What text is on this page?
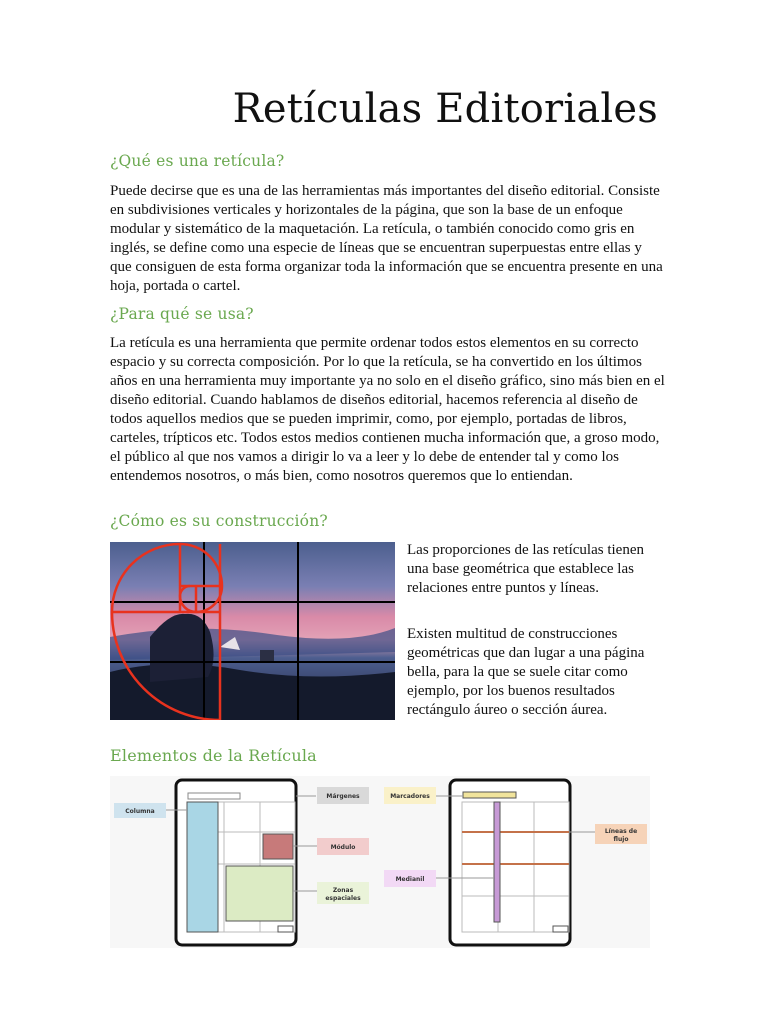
Retículas Editoriales
¿Qué es una retícula?

Puede decirse que es una de las herramientas más importantes del diseño editorial. Consiste en subdivisiones verticales y horizontales de la página, que son la base de un enfoque modular y sistemático de la maquetación. La retícula, o también conocido como gris en inglés, se define como una especie de líneas que se encuentran superpuestas entre ellas y que consiguen de esta forma organizar toda la información que se encuentra presente en una hoja, portada o cartel.

¿Para qué se usa?

La retícula es una herramienta que permite ordenar todos estos elementos en su correcto espacio y su correcta composición. Por lo que la retícula, se ha convertido en los últimos años en una herramienta muy importante ya no solo en el diseño gráfico, sino más bien en el diseño editorial. Cuando hablamos de diseños editorial, hacemos referencia al diseño de todos aquellos medios que se pueden imprimir, como, por ejemplo, portadas de libros, carteles, trípticos etc. Todos estos medios contienen mucha información que, a groso modo, el público al que nos vamos a dirigir lo va a leer y lo debe de entender tal y como los entendemos nosotros, o más bien, como nosotros queremos que lo entiendan.

¿Cómo es su construcción?

Las proporciones de las retículas tienen una base geométrica que establece las relaciones entre puntos y líneas.

Existen multitud de construcciones geométricas que dan lugar a una página bella, para la que se suele citar como ejemplo, por los buenos resultados rectángulo áureo o sección áurea.

Elementos de la Retícula
Columna
Márgenes
Módulo
Zonas
espaciales
Marcadores
Medianil
Líneas de
flujo
